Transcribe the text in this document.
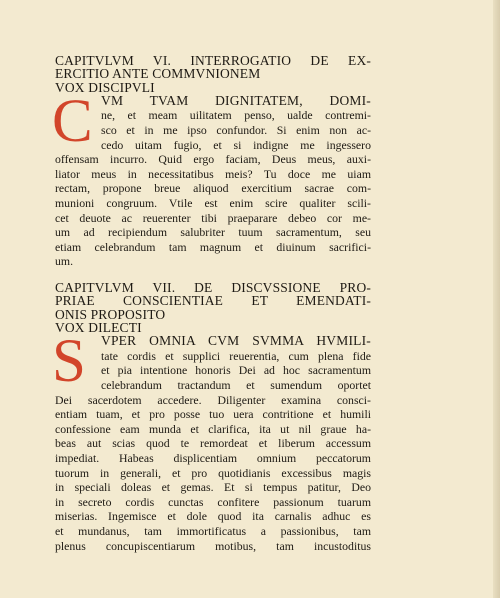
CAPITVLVM VI. INTERROGATIO DE EX-
ERCITIO ANTE COMMVNIONEM
VOX DISCIPVLI
C VM TVAM DIGNITATEM, DOMI-
ne, et meam uilitatem penso, ualde contremi-
sco et in me ipso confundor. Si enim non ac-
cedo uitam fugio, et si indigne me ingessero
offensam incurro. Quid ergo faciam, Deus meus, auxi-
liator meus in necessitatibus meis? Tu doce me uiam
rectam, propone breue aliquod exercitium sacrae com-
munioni congruum. Vtile est enim scire qualiter scili-
cet deuote ac reuerenter tibi praeparare debeo cor me-
um ad recipiendum salubriter tuum sacramentum, seu
etiam celebrandum tam magnum et diuinum sacrifici-
um.
CAPITVLVM VII. DE DISCVSSIONE PRO-
PRIAE CONSCIENTIAE ET EMENDATI-
ONIS PROPOSITO
VOX DILECTI
S	VPER OMNIA CVM SVMMA HVMILI-
tate cordis et supplici reuerentia, cum plena fide
et pia intentione honoris Dei ad hoc sacramentum
celebrandum tractandum et sumendum oportet
Dei sacerdotem accedere. Diligenter examina consci-
entiam tuam, et pro posse tuo uera contritione et humili
confessione eam munda et clarifica, ita ut nil graue ha-
beas aut scias quod te remordeat et liberum accessum
impediat. Habeas displicentiam omnium peccatorum
tuorum in generali, et pro quotidianis excessibus magis
in speciali doleas et gemas. Et si tempus patitur, Deo
in secreto cordis cunctas confitere passionum tuarum
miserias. Ingemisce et dole quod ita carnalis adhuc es
et mundanus, tam immortificatus a passionibus, tam
plenus concupiscentiarum motibus, tam incustoditus
